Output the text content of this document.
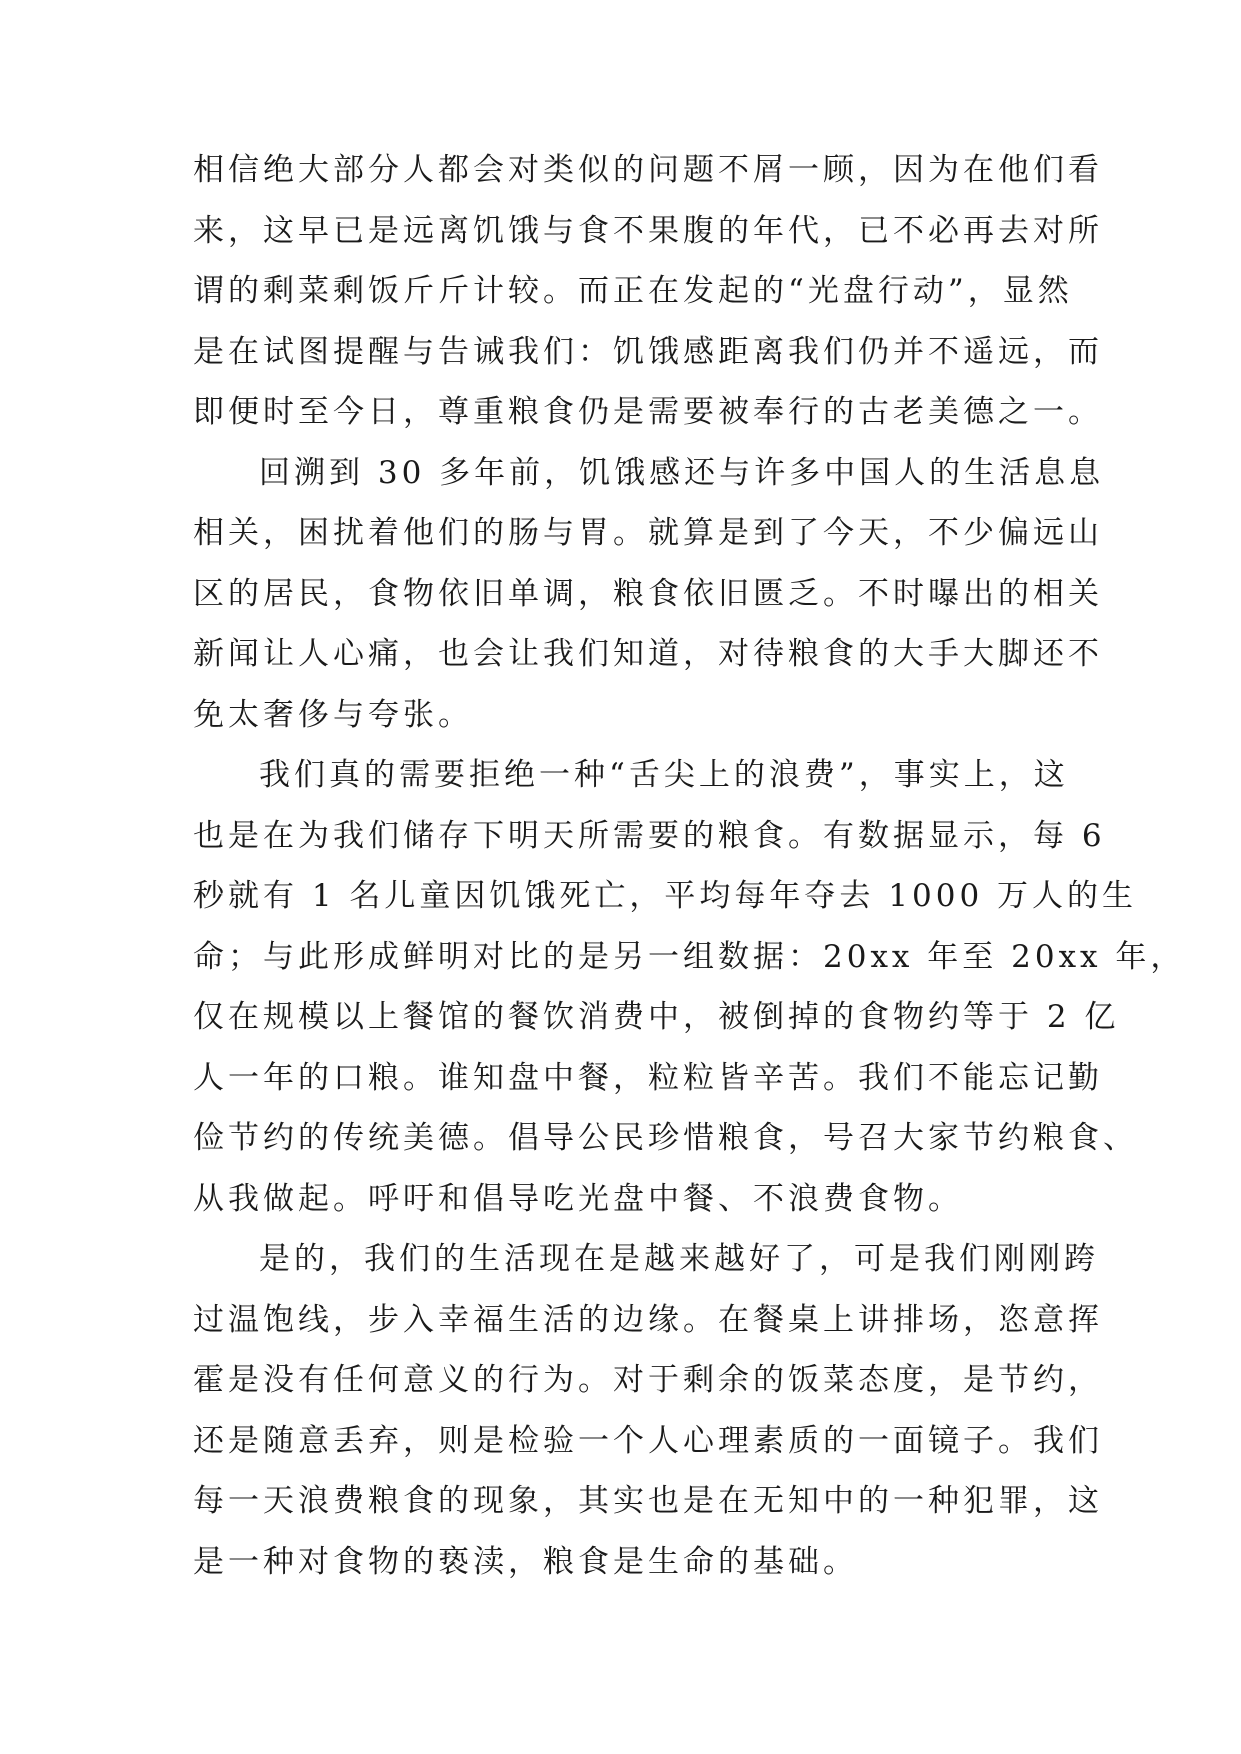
相信绝大部分人都会对类似的问题不屑一顾，因为在他们看
来，这早已是远离饥饿与食不果腹的年代，已不必再去对所
谓的剩菜剩饭斤斤计较。而正在发起的“光盘行动”，显然
是在试图提醒与告诫我们：饥饿感距离我们仍并不遥远，而
即便时至今日，尊重粮食仍是需要被奉行的古老美德之一。

回溯到 30 多年前，饥饿感还与许多中国人的生活息息
相关，困扰着他们的肠与胃。就算是到了今天，不少偏远山
区的居民，食物依旧单调，粮食依旧匮乏。不时曝出的相关
新闻让人心痛，也会让我们知道，对待粮食的大手大脚还不
免太奢侈与夸张。

我们真的需要拒绝一种“舌尖上的浪费”，事实上，这
也是在为我们储存下明天所需要的粮食。有数据显示，每 6
秒就有 1 名儿童因饥饿死亡，平均每年夺去 1000 万人的生
命；与此形成鲜明对比的是另一组数据：20xx 年至 20xx 年，
仅在规模以上餐馆的餐饮消费中，被倒掉的食物约等于 2 亿
人一年的口粮。谁知盘中餐，粒粒皆辛苦。我们不能忘记勤
俭节约的传统美德。倡导公民珍惜粮食，号召大家节约粮食、
从我做起。呼吁和倡导吃光盘中餐、不浪费食物。

是的，我们的生活现在是越来越好了，可是我们刚刚跨
过温饱线，步入幸福生活的边缘。在餐桌上讲排场，恣意挥
霍是没有任何意义的行为。对于剩余的饭菜态度，是节约，
还是随意丢弃，则是检验一个人心理素质的一面镜子。我们
每一天浪费粮食的现象，其实也是在无知中的一种犯罪，这
是一种对食物的亵渎，粮食是生命的基础。
